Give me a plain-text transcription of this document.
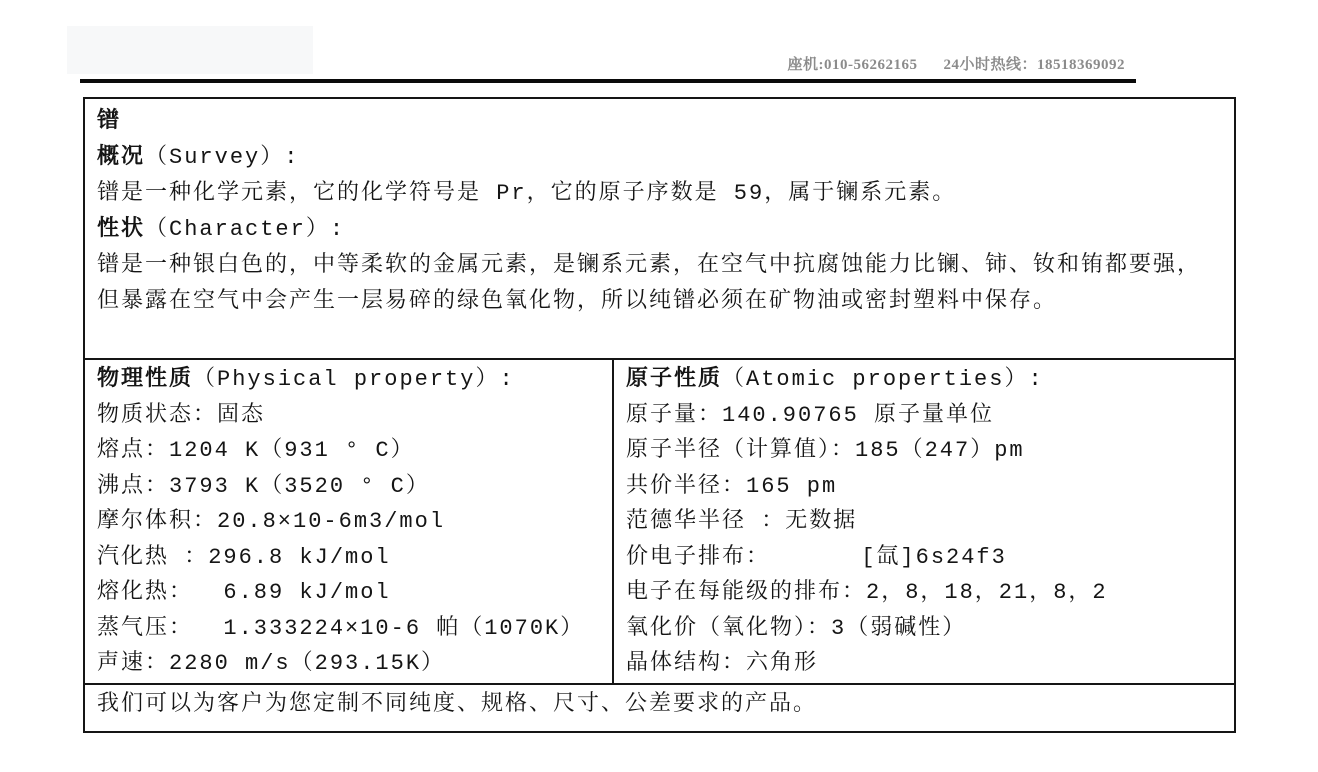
座机:010-56262165 24小时热线：18518369092
镨
概况（Survey）:
镨是一种化学元素，它的化学符号是 Pr，它的原子序数是 59，属于镧系元素。
性状（Character）:
镨是一种银白色的，中等柔软的金属元素，是镧系元素，在空气中抗腐蚀能力比镧、铈、钕和铕都要强，但暴露在空气中会产生一层易碎的绿色氧化物，所以纯镨必须在矿物油或密封塑料中保存。
物理性质（Physical property）:
物质状态：固态
熔点：1204 K（931 ° C）
沸点：3793 K（3520 ° C）
摩尔体积：20.8×10-6m3/mol
汽化热 ：296.8 kJ/mol
熔化热：  6.89 kJ/mol
蒸气压：  1.333224×10-6 帕（1070K）
声速：2280 m/s（293.15K）
原子性质（Atomic properties）:
原子量：140.90765 原子量单位
原子半径（计算值）：185（247）pm
共价半径：165 pm
范德华半径 ：无数据
价电子排布：      [氙]6s24f3
电子在每能级的排布：2，8，18，21，8，2
氧化价（氧化物）：3（弱碱性）
晶体结构：六角形
我们可以为客户为您定制不同纯度、规格、尺寸、公差要求的产品。
